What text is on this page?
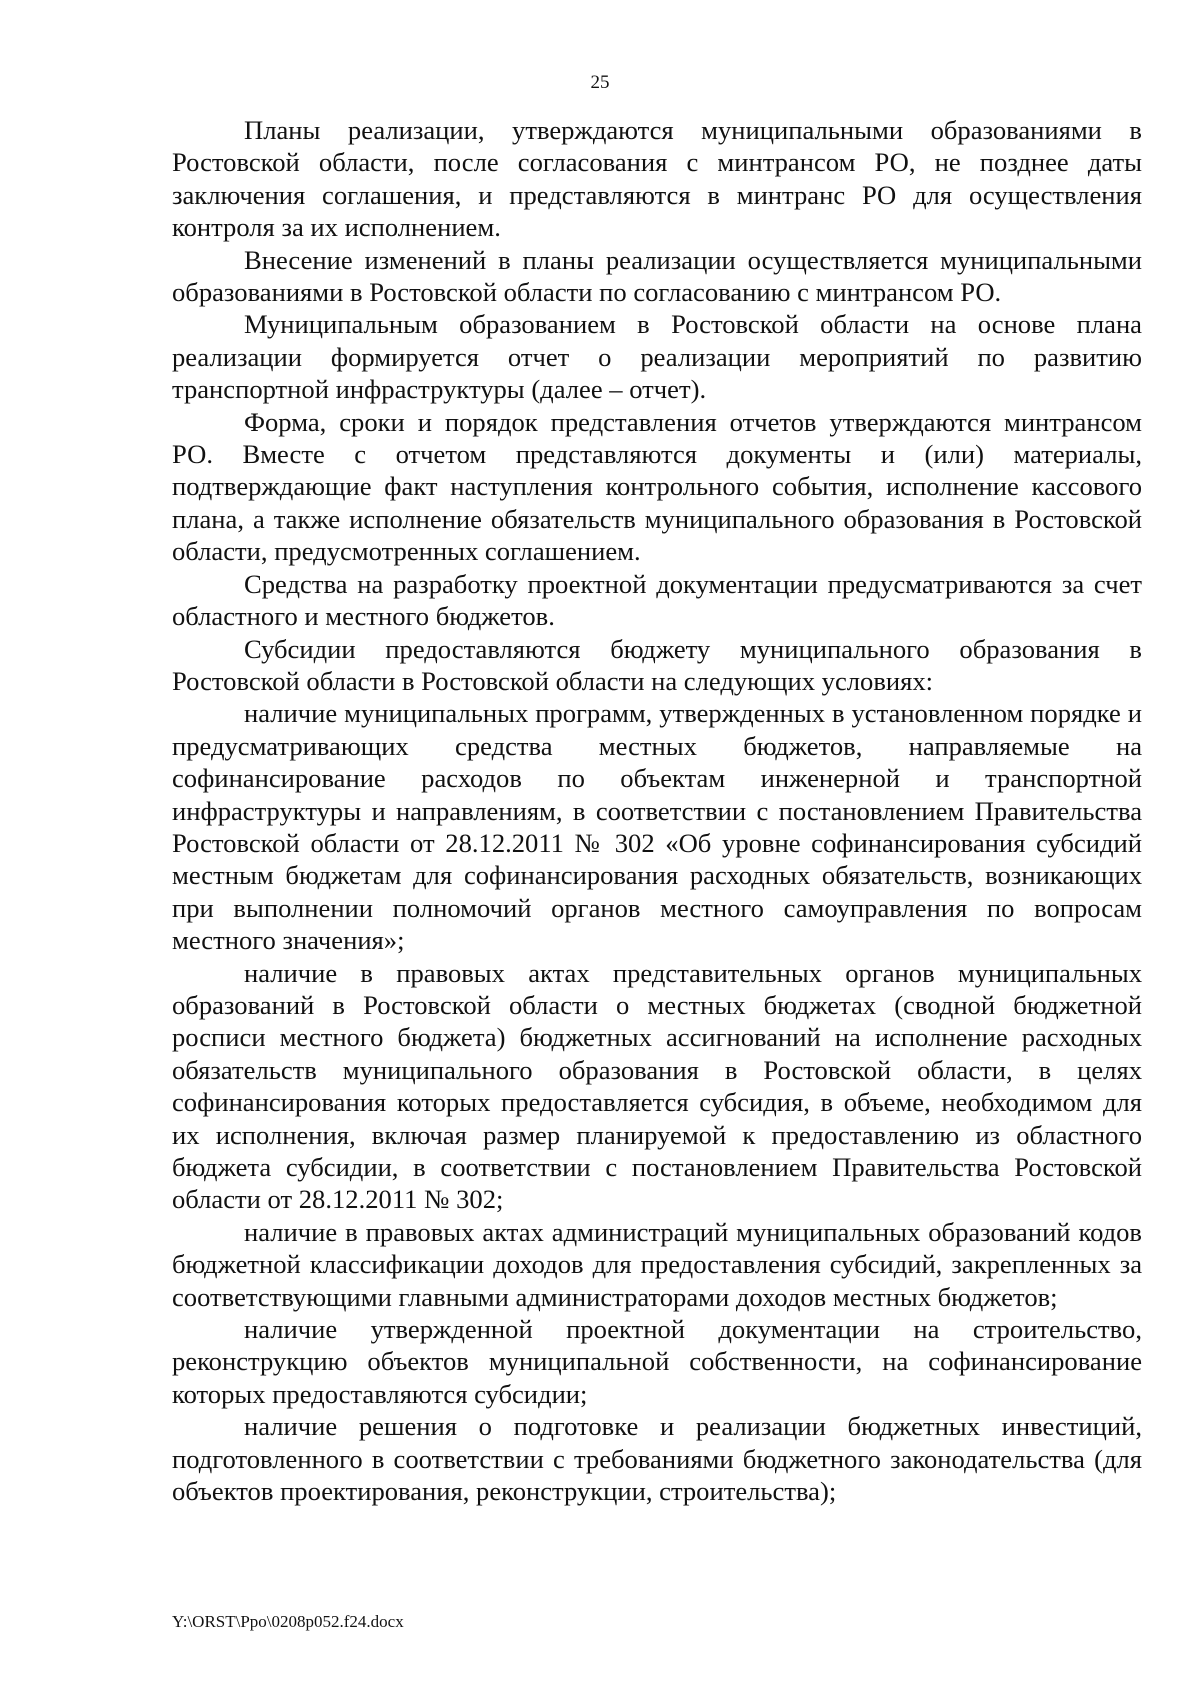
25

Планы реализации, утверждаются муниципальными образованиями в Ростовской области, после согласования с минтрансом РО, не позднее даты заключения соглашения, и представляются в минтранс РО для осуществления контроля за их исполнением.

Внесение изменений в планы реализации осуществляется муниципальными образованиями в Ростовской области по согласованию с минтрансом РО.

Муниципальным образованием в Ростовской области на основе плана реализации формируется отчет о реализации мероприятий по развитию транспортной инфраструктуры (далее – отчет).

Форма, сроки и порядок представления отчетов утверждаются минтрансом РО. Вместе с отчетом представляются документы и (или) материалы, подтверждающие факт наступления контрольного события, исполнение кассового плана, а также исполнение обязательств муниципального образования в Ростовской области, предусмотренных соглашением.

Средства на разработку проектной документации предусматриваются за счет областного и местного бюджетов.

Субсидии предоставляются бюджету муниципального образования в Ростовской области в Ростовской области на следующих условиях:

наличие муниципальных программ, утвержденных в установленном порядке и предусматривающих средства местных бюджетов, направляемые на софинансирование расходов по объектам инженерной и транспортной инфраструктуры и направлениям, в соответствии с постановлением Правительства Ростовской области от 28.12.2011 № 302 «Об уровне софинансирования субсидий местным бюджетам для софинансирования расходных обязательств, возникающих при выполнении полномочий органов местного самоуправления по вопросам местного значения»;

наличие в правовых актах представительных органов муниципальных образований в Ростовской области о местных бюджетах (сводной бюджетной росписи местного бюджета) бюджетных ассигнований на исполнение расходных обязательств муниципального образования в Ростовской области, в целях софинансирования которых предоставляется субсидия, в объеме, необходимом для их исполнения, включая размер планируемой к предоставлению из областного бюджета субсидии, в соответствии с постановлением Правительства Ростовской области от 28.12.2011 № 302;

наличие в правовых актах администраций муниципальных образований кодов бюджетной классификации доходов для предоставления субсидий, закрепленных за соответствующими главными администраторами доходов местных бюджетов;

наличие утвержденной проектной документации на строительство, реконструкцию объектов муниципальной собственности, на софинансирование которых предоставляются субсидии;

наличие решения о подготовке и реализации бюджетных инвестиций, подготовленного в соответствии с требованиями бюджетного законодательства (для объектов проектирования, реконструкции, строительства);

Y:\ORST\Ppo\0208p052.f24.docx
